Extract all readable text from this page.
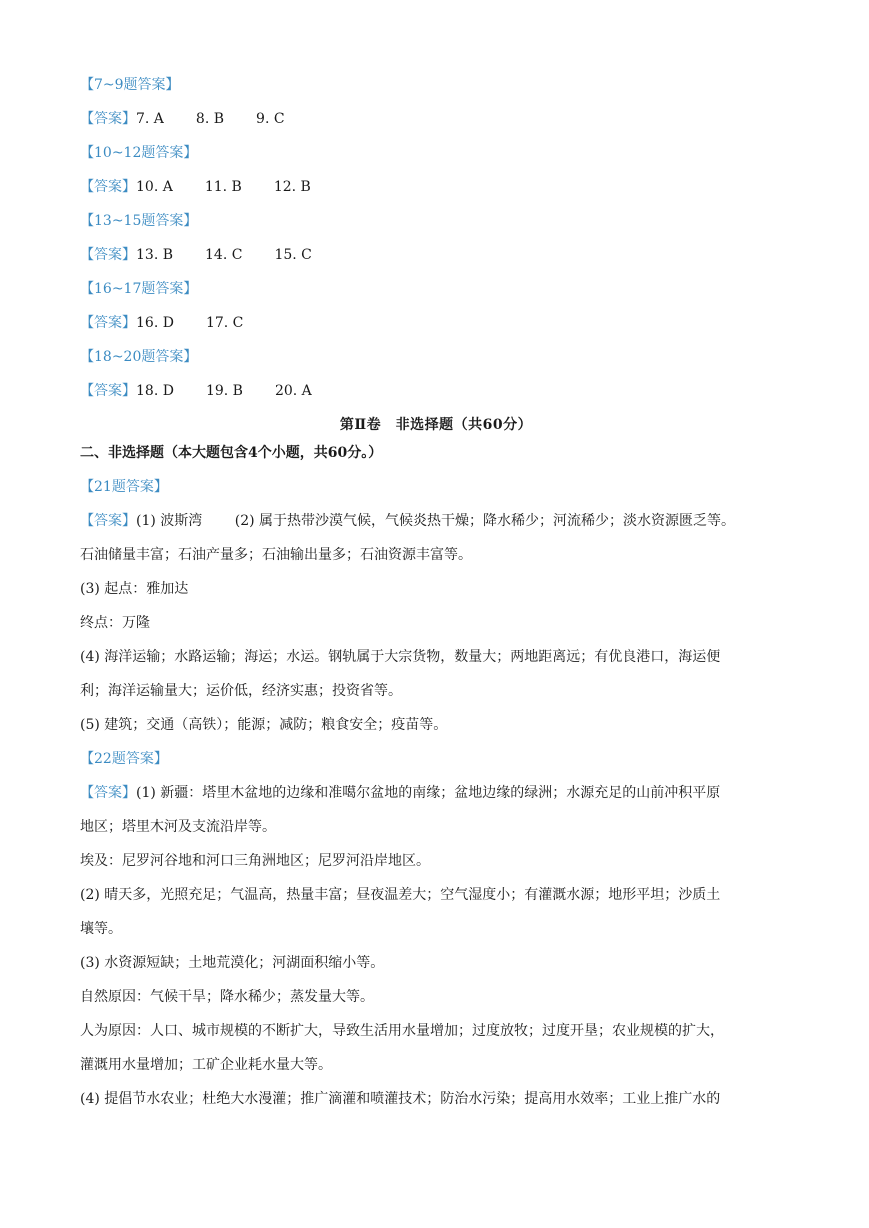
【7~9题答案】
【答案】7. A 8. B 9. C
【10~12题答案】
【答案】10. A 11. B 12. B
【13~15题答案】
【答案】13. B 14. C 15. C
【16~17题答案】
【答案】16. D 17. C
【18~20题答案】
【答案】18. D 19. B 20. A
第Ⅱ卷　非选择题（共60分）
二、非选择题（本大题包含4个小题，共60分。）
【21题答案】
【答案】(1) 波斯湾　　 (2) 属于热带沙漠气候，气候炎热干燥；降水稀少；河流稀少；淡水资源匮乏等。
石油储量丰富；石油产量多；石油输出量多；石油资源丰富等。
(3) 起点：雅加达
终点：万隆
(4) 海洋运输；水路运输；海运；水运。钢轨属于大宗货物，数量大；两地距离远；有优良港口，海运便
利；海洋运输量大；运价低，经济实惠；投资省等。
(5) 建筑；交通（高铁）；能源；减防；粮食安全；疫苗等。
【22题答案】
【答案】(1) 新疆：塔里木盆地的边缘和准噶尔盆地的南缘；盆地边缘的绿洲；水源充足的山前冲积平原
地区；塔里木河及支流沿岸等。
埃及：尼罗河谷地和河口三角洲地区；尼罗河沿岸地区。
(2) 晴天多，光照充足；气温高，热量丰富；昼夜温差大；空气湿度小；有灌溉水源；地形平坦；沙质土
壤等。
(3) 水资源短缺；土地荒漠化；河湖面积缩小等。
自然原因：气候干旱；降水稀少；蒸发量大等。
人为原因：人口、城市规模的不断扩大，导致生活用水量增加；过度放牧；过度开垦；农业规模的扩大，
灌溉用水量增加；工矿企业耗水量大等。
(4) 提倡节水农业；杜绝大水漫灌；推广滴灌和喷灌技术；防治水污染；提高用水效率；工业上推广水的
